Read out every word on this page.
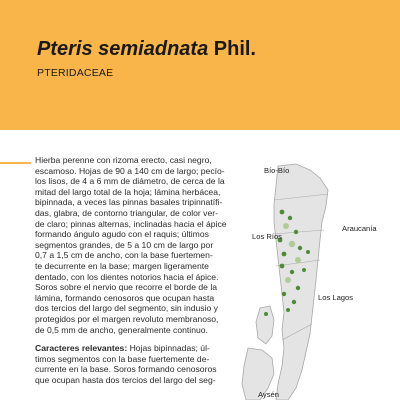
Pteris semiadnata Phil.
PTERIDACEAE

Hierba perenne con rizoma erecto, casi negro,
escamoso. Hojas de 90 a 140 cm de largo; pecío-
los lisos, de 4 a 6 mm de diámetro, de cerca de la
mitad del largo total de la hoja; lámina herbácea,
bipinnada, a veces las pinnas basales tripinnatífi-
das, glabra, de contorno triangular, de color ver-
de claro; pinnas alternas, inclinadas hacia el ápice
formando ángulo agudo con el raquis; últimos
segmentos grandes, de 5 a 10 cm de largo por
0,7 a 1,5 cm de ancho, con la base fuertemen-
te decurrente en la base; margen ligeramente
dentado, con los dientes notorios hacia el ápice.
Soros sobre el nervio que recorre el borde de la
lámina, formando cenosoros que ocupan hasta
dos tercios del largo del segmento, sin indusio y
protegidos por el margen revoluto membranoso,
de 0,5 mm de ancho, generalmente continuo.

Caracteres relevantes: Hojas bipinnadas; úl-
timos segmentos con la base fuertemente de-
currente en la base. Soros formando cenosoros
que ocupan hasta dos tercios del largo del seg-

Bío-Bío
Araucanía
Los Ríos
Los Lagos
Aysén
